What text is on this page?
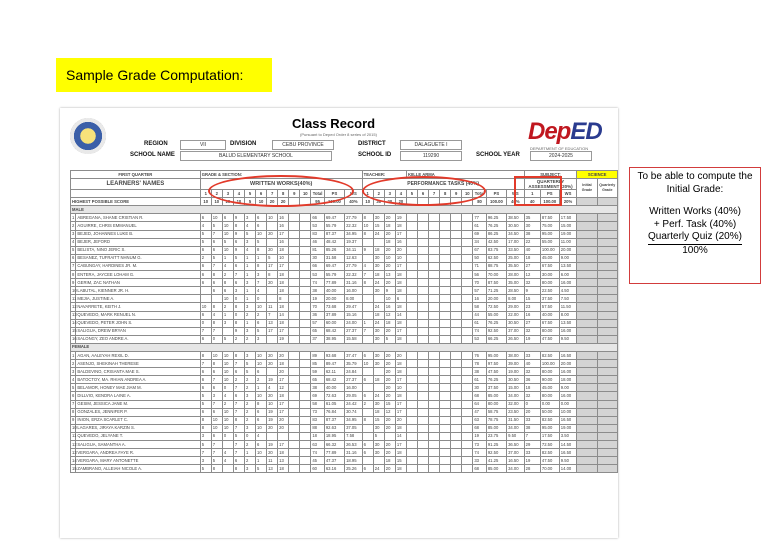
Sample Grade Computation:
Class Record
(Pursuant to Deped Order 8 series of 2015)	DepED
DEPARTMENT OF EDUCATION
REGION	VII	DIVISION	CEBU PROVINCE	DISTRICT	DALAGUETE I
SCHOOL NAME	BALUD ELEMENTARY SCHOOL	SCHOOL ID	119290	SCHOOL YEAR	2024-2025
FIRST QUARTER		GRADE & SECTION:													TEACHER:				KIILLE ARMA									SUBJECT:			SCIENCE	
LEARNERS' NAMES		WRITTEN WORKS(40%)													PERFORMANCE TASKS (40%)													QUARTERLY ASSESSMENT (20%)			Initial Grade	Quarterly Grade

		1	2	3	4	5	6	7	8	9	10	Total	PS	WS	1	2	3	4	5	6	7	8	9	10	Total	PS	WS	1	PS	WS		
HIGHEST POSSIBLE SCORE		10	10	10	10	5	10	20	20			95	100.00	40%	10	30	20	20							80	100.00	40%	40	100.00	20%		
MALE																																
1	ABREGANA, SHANE CRISTIAN R.	6	10	6	9	3	6	10	16			66	69.47	27.79	8	30	20	19							77	96.25	38.50	35	87.50	17.50		
2	AGUIRRE, CHRIS EMMANUEL	4	5	10	8	4	6		16			53	55.79	22.32	10	15	18	18							61	76.25	30.50	30	75.00	15.00		
3	BEJED, JOHANNES LUKE B.	5	7	10	9	5	10	20	17			83	87.37	34.95	8	24	20	17							69	86.25	34.50	38	95.00	19.00		
4	BEJER, JEFORD	5	6	5	6	3	5		16			46	48.42	19.37			18	16							34	42.50	17.00	22	55.00	11.00		
5	BELISTA, NINO JERIC S.	6	6	10	9	4	8	20	18			81	85.26	34.11	9	18	20	20							67	83.75	33.50	40	100.00	20.00		
6	BESANEZ, TUFRAITT NHNUM G.	2	5	1	5	1	1	5	10			30	31.58	12.63		30	10	10							50	62.50	25.00	18	45.00	9.00		
7	CABUNGAY, HARDINES JR. M.	6	7	4	6	1	8	17	17			66	69.47	27.79	4	30	20	17							71	88.75	35.50	27	67.50	13.50		
8	ENTERA, JAYCEE LOHAM G.	6	8	2	7	1	3	8	18			53	55.79	22.32	7	18	13	18							56	70.00	28.00	12	30.00	6.00		
9	GERIM, ZAC NATHAN	6	6	8	6	3	7	20	18			74	77.89	31.16	8	24	20	18							70	87.50	35.00	32	80.00	16.00		
10	LABUTAL, KIENNER JR. H.		6	6	3	1	4		18			38	40.00	16.00		30	9	18							57	71.25	28.50	9	22.50	4.50		
11	MEJIA, JUSTINE A.			10	0	1	0		8			19	20.00	8.00			10	6							16	20.00	8.00	15	37.50	7.50		
12	NAVARRETE, KEITH J.	10	8	2	8	3	10	11	18			70	73.68	29.47		24	16	18							58	72.50	29.00	23	57.50	11.50		
13	QUEVEDO, MARK RENUEL N.	6	4	1	0	2	2	7	14			36	37.89	15.16		18	12	14							44	55.00	22.00	16	40.00	8.00		
14	QUEVEDO, PETER JOHN S.	0	8	3	8	1	6	13	18			57	60.00	24.00	1	24	18	18							61	76.25	30.50	27	67.50	13.50		
15	SALIGUA, DREW BRYAN	7	7		9	3	5	17	17			65	68.42	27.37	7	30	20	17							74	92.50	37.00	32	80.00	16.00		
16	SALONGY, ZEO ANDRE A.	6	0	5	2	2	3		19			37	38.95	15.58		30	5	18							53	66.25	26.50	19	47.50	9.50		
FEMALE																																
1	AGAN, AALEYAH REXIL D.	8	10	10	8	3	10	20	20			89	93.68	37.47	6	30	20	20							76	95.00	38.00	33	82.50	16.50		
2	ASENJO, SHEKINAH THERESE	7	8	10	7	5	10	20	18			85	89.47	35.79	10	30	20	18							78	97.50	39.00	40	100.00	20.00		
3	BALDEVINO, CRISANTA MAE S.	6	6	10	6	5	6		20			59	62.11	24.84			20	18							38	47.50	19.00	32	80.00	16.00		
4	BATOCTOY, MA. RHIAN ANDREA A.	6	7	10	2	2	2	19	17			65	68.42	27.37	6	18	20	17							61	76.25	30.50	36	90.00	18.00		
5	BELAMOR, HONEY MAE JIAM M.	6	6	0	7	2	1	4	12			38	40.00	16.00			20	10							30	37.50	15.00	18	45.00	9.00		
6	DILLVIO, KENDRA LAINE A.	5	3	4	6	3	10	20	18			69	72.63	29.05	6	24	20	18							68	85.00	34.00	32	80.00	16.00		
7	GESIM, JESSICA JANE M.	5	7	2	7	2	8	10	17			58	61.05	24.42	2	30	15	17							64	80.00	32.00	0	0.00	0.00		
8	GONZALES, JENNIFER P.	6	6	10	7	2	6	19	17			73	76.84	30.74		18	12	17							47	58.75	23.50	20	50.00	10.00		
9	INION, ERZA SCARLET C.	8	10	10	8	2	6	19	20			83	87.37	34.95	8	15	20	20							63	78.75	31.50	33	82.50	16.50		
10	LAGARES, JIRAYA KARZIN S.	8	10	10	7	3	10	20	20			88	92.63	37.05		30	20	18							68	85.00	34.00	38	95.00	19.00		
11	QUEVEDO, JELYANE T.	3	6	0	5	0	4					18	18.95	7.58		5		14							19	23.75	9.50	7	17.50	3.50		
12	SALIGUA, SAMANTHA A.	5	7		7	2	6	19	17			63	66.32	26.53	6	30	20	17							73	91.25	36.50	29	72.50	14.50		
13	VERGARA, ANDREA FAYE R.	7	7	4	7	1	10	20	18			74	77.89	31.16	6	30	20	18							74	92.50	37.00	33	82.50	16.50		
14	VERGARA, MARY ANTONETTE	3	5	4	6	2	1	11	13			45	47.37	18.95			18	15							33	41.25	16.50	19	47.50	9.50		
15	ZAMBRANO, ALLEIAH NICOLE A.	5	8		8	3	5	13	18			60	63.16	25.26	6	24	20	18							68	85.00	34.00	28	70.00	14.00		
To be able to compute the Initial Grade:
Written Works (40%)
+ Perf. Task (40%)
Quarterly Quiz (20%)
100%
